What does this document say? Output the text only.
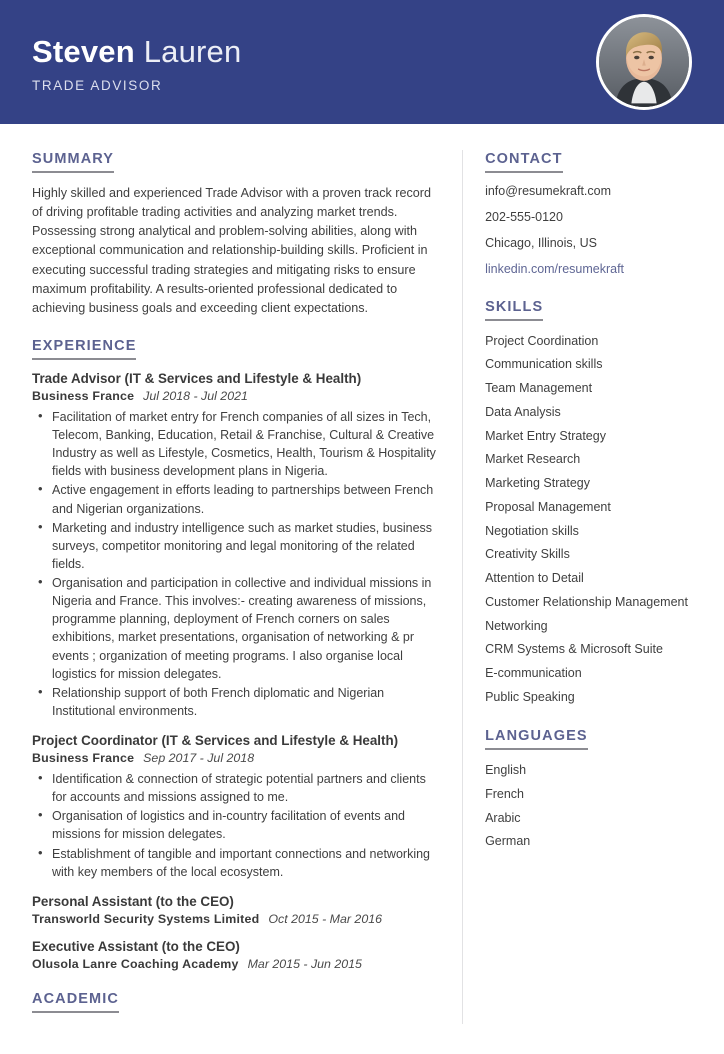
Steven Lauren
TRADE ADVISOR
SUMMARY
Highly skilled and experienced Trade Advisor with a proven track record of driving profitable trading activities and analyzing market trends. Possessing strong analytical and problem-solving abilities, along with exceptional communication and relationship-building skills. Proficient in executing successful trading strategies and mitigating risks to ensure maximum profitability. A results-oriented professional dedicated to achieving business goals and exceeding client expectations.
EXPERIENCE
Trade Advisor (IT & Services and Lifestyle & Health)
Business France Jul 2018 - Jul 2021
• Facilitation of market entry for French companies of all sizes in Tech, Telecom, Banking, Education, Retail & Franchise, Cultural & Creative Industry as well as Lifestyle, Cosmetics, Health, Tourism & Hospitality fields with business development plans in Nigeria.
• Active engagement in efforts leading to partnerships between French and Nigerian organizations.
• Marketing and industry intelligence such as market studies, business surveys, competitor monitoring and legal monitoring of the related fields.
• Organisation and participation in collective and individual missions in Nigeria and France. This involves:- creating awareness of missions, programme planning, deployment of French corners on sales exhibitions, market presentations, organisation of networking & pr events ; organization of meeting programs. I also organise local logistics for mission delegates.
• Relationship support of both French diplomatic and Nigerian Institutional environments.
Project Coordinator (IT & Services and Lifestyle & Health)
Business France Sep 2017 - Jul 2018
• Identification & connection of strategic potential partners and clients for accounts and missions assigned to me.
• Organisation of logistics and in-country facilitation of events and missions for mission delegates.
• Establishment of tangible and important connections and networking with key members of the local ecosystem.
Personal Assistant (to the CEO)
Transworld Security Systems Limited Oct 2015 - Mar 2016
Executive Assistant (to the CEO)
Olusola Lanre Coaching Academy Mar 2015 - Jun 2015
ACADEMIC
CONTACT
info@resumekraft.com
202-555-0120
Chicago, Illinois, US
linkedin.com/resumekraft
SKILLS
Project Coordination
Communication skills
Team Management
Data Analysis
Market Entry Strategy
Market Research
Marketing Strategy
Proposal Management
Negotiation skills
Creativity Skills
Attention to Detail
Customer Relationship Management
Networking
CRM Systems & Microsoft Suite
E-communication
Public Speaking
LANGUAGES
English
French
Arabic
German
